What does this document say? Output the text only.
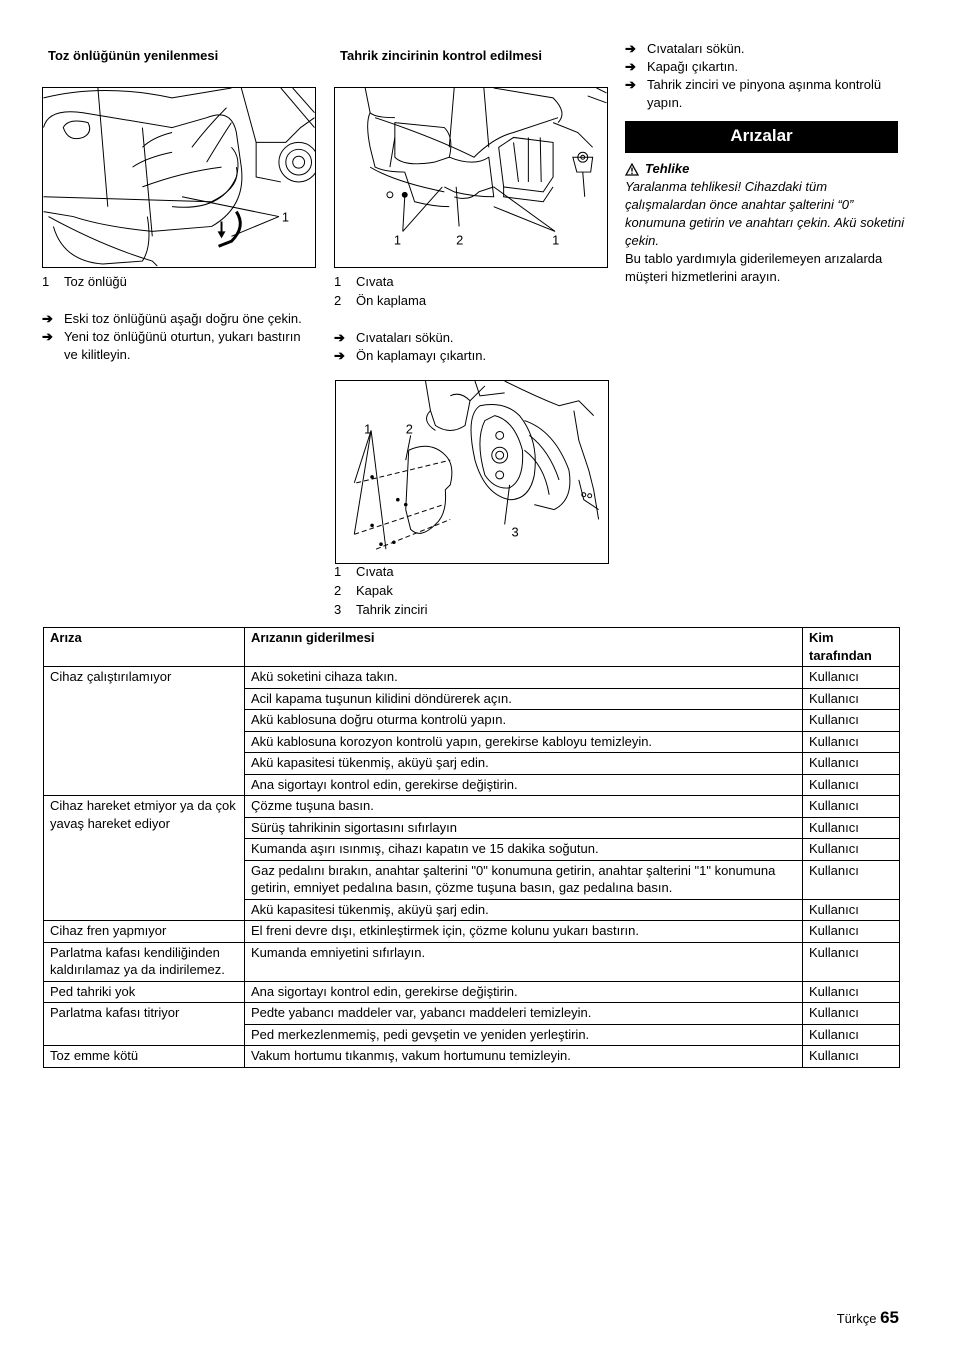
Toz önlüğünün yenilenmesi
1
1	Toz önlüğü
➔ Eski toz önlüğünü aşağı doğru öne çekin.
➔ Yeni toz önlüğünü oturtun, yukarı bastırın ve kilitleyin.
Tahrik zincirinin kontrol edilmesi
1	2	1
1	Cıvata
2	Ön kaplama
➔ Cıvataları sökün.
➔ Ön kaplamayı çıkartın.
1	2
3
1	Cıvata
2	Kapak
3	Tahrik zinciri
➔ Cıvataları sökün.
➔ Kapağı çıkartın.
➔ Tahrik zinciri ve pinyona aşınma kontrolü yapın.
Arızalar
Tehlike
Yaralanma tehlikesi! Cihazdaki tüm çalışmalardan önce anahtar şalterini “0” konumuna getirin ve anahtarı çekin. Akü soketini çekin.
Bu tablo yardımıyla giderilemeyen arızalarda müşteri hizmetlerini arayın.
Arıza	Arızanın giderilmesi	Kim tarafından
Cihaz çalıştırılamıyor	Akü soketini cihaza takın.	Kullanıcı
	Acil kapama tuşunun kilidini döndürerek açın.	Kullanıcı
	Akü kablosuna doğru oturma kontrolü yapın.	Kullanıcı
	Akü kablosuna korozyon kontrolü yapın, gerekirse kabloyu temizleyin.	Kullanıcı
	Akü kapasitesi tükenmiş, aküyü şarj edin.	Kullanıcı
	Ana sigortayı kontrol edin, gerekirse değiştirin.	Kullanıcı
Cihaz hareket etmiyor ya da çok yavaş hareket ediyor	Çözme tuşuna basın.	Kullanıcı
	Sürüş tahrikinin sigortasını sıfırlayın	Kullanıcı
	Kumanda aşırı ısınmış, cihazı kapatın ve 15 dakika soğutun.	Kullanıcı
	Gaz pedalını bırakın, anahtar şalterini "0" konumuna getirin, anahtar şalterini "1" konumuna getirin, emniyet pedalına basın, çözme tuşuna basın, gaz pedalına basın.	Kullanıcı
	Akü kapasitesi tükenmiş, aküyü şarj edin.	Kullanıcı
Cihaz fren yapmıyor	El freni devre dışı, etkinleştirmek için, çözme kolunu yukarı bastırın.	Kullanıcı
Parlatma kafası kendiliğinden kaldırılamaz ya da indirilemez.	Kumanda emniyetini sıfırlayın.	Kullanıcı
Ped tahriki yok	Ana sigortayı kontrol edin, gerekirse değiştirin.	Kullanıcı
Parlatma kafası titriyor	Pedte yabancı maddeler var, yabancı maddeleri temizleyin.	Kullanıcı
	Ped merkezlenmemiş, pedi gevşetin ve yeniden yerleştirin.	Kullanıcı
Toz emme kötü	Vakum hortumu tıkanmış, vakum hortumunu temizleyin.	Kullanıcı
Türkçe 65
